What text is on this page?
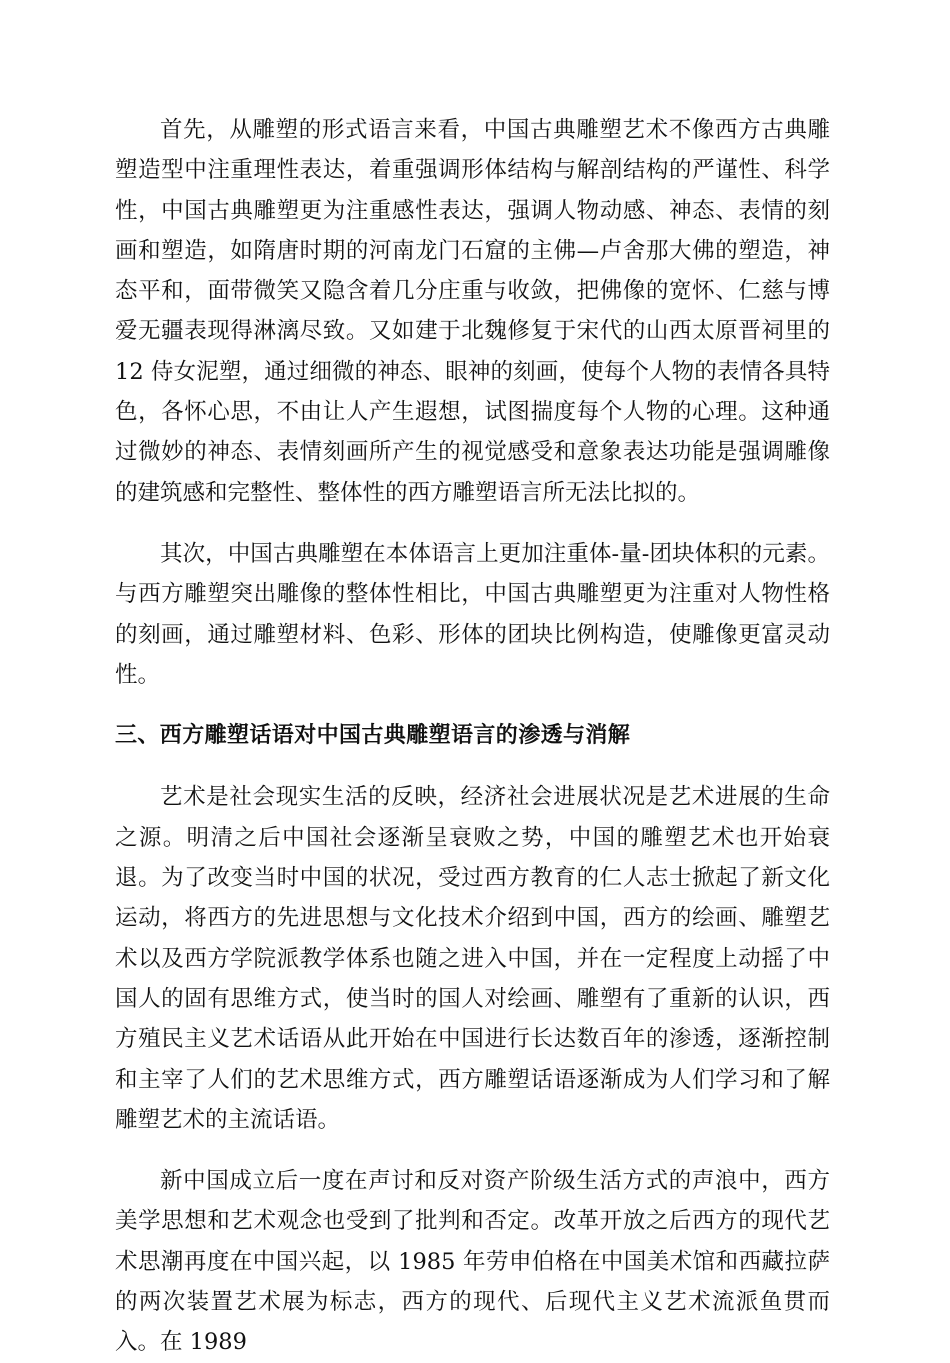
首先，从雕塑的形式语言来看，中国古典雕塑艺术不像西方古典雕塑造型中注重理性表达，着重强调形体结构与解剖结构的严谨性、科学性，中国古典雕塑更为注重感性表达，强调人物动感、神态、表情的刻画和塑造，如隋唐时期的河南龙门石窟的主佛—卢舍那大佛的塑造，神态平和，面带微笑又隐含着几分庄重与收敛，把佛像的宽怀、仁慈与博爱无疆表现得淋漓尽致。又如建于北魏修复于宋代的山西太原晋祠里的 12 侍女泥塑，通过细微的神态、眼神的刻画，使每个人物的表情各具特色，各怀心思，不由让人产生遐想，试图揣度每个人物的心理。这种通过微妙的神态、表情刻画所产生的视觉感受和意象表达功能是强调雕像的建筑感和完整性、整体性的西方雕塑语言所无法比拟的。

其次，中国古典雕塑在本体语言上更加注重体-量-团块体积的元素。与西方雕塑突出雕像的整体性相比，中国古典雕塑更为注重对人物性格的刻画，通过雕塑材料、色彩、形体的团块比例构造，使雕像更富灵动性。

三、西方雕塑话语对中国古典雕塑语言的渗透与消解

艺术是社会现实生活的反映，经济社会进展状况是艺术进展的生命之源。明清之后中国社会逐渐呈衰败之势，中国的雕塑艺术也开始衰退。为了改变当时中国的状况，受过西方教育的仁人志士掀起了新文化运动，将西方的先进思想与文化技术介绍到中国，西方的绘画、雕塑艺术以及西方学院派教学体系也随之进入中国，并在一定程度上动摇了中国人的固有思维方式，使当时的国人对绘画、雕塑有了重新的认识，西方殖民主义艺术话语从此开始在中国进行长达数百年的渗透，逐渐控制和主宰了人们的艺术思维方式，西方雕塑话语逐渐成为人们学习和了解雕塑艺术的主流话语。

新中国成立后一度在声讨和反对资产阶级生活方式的声浪中，西方美学思想和艺术观念也受到了批判和否定。改革开放之后西方的现代艺术思潮再度在中国兴起，以 1985 年劳申伯格在中国美术馆和西藏拉萨的两次装置艺术展为标志，西方的现代、后现代主义艺术流派鱼贯而入。在 1989
